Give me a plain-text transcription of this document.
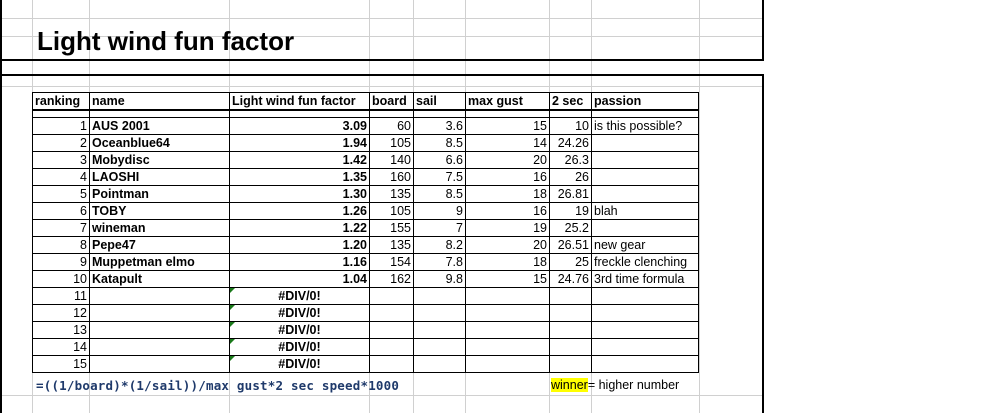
Light wind fun factor
ranking	name	Light wind fun factor	board	sail	max gust	2 sec	passion

1	AUS 2001	3.09	60	3.6	15	10	is this possible?
2	Oceanblue64	1.94	105	8.5	14	24.26	
3	Mobydisc	1.42	140	6.6	20	26.3	
4	LAOSHI	1.35	160	7.5	16	26	
5	Pointman	1.30	135	8.5	18	26.81	
6	TOBY	1.26	105	9	16	19	blah
7	wineman	1.22	155	7	19	25.2	
8	Pepe47	1.20	135	8.2	20	26.51	new gear
9	Muppetman elmo	1.16	154	7.8	18	25	freckle clenching
10	Katapult	1.04	162	9.8	15	24.76	3rd time formula
11		#DIV/0!					
12		#DIV/0!					
13		#DIV/0!					
14		#DIV/0!					
15		#DIV/0!					
=((1/board)*(1/sail))/max gust*2 sec speed*1000	winner= higher number
